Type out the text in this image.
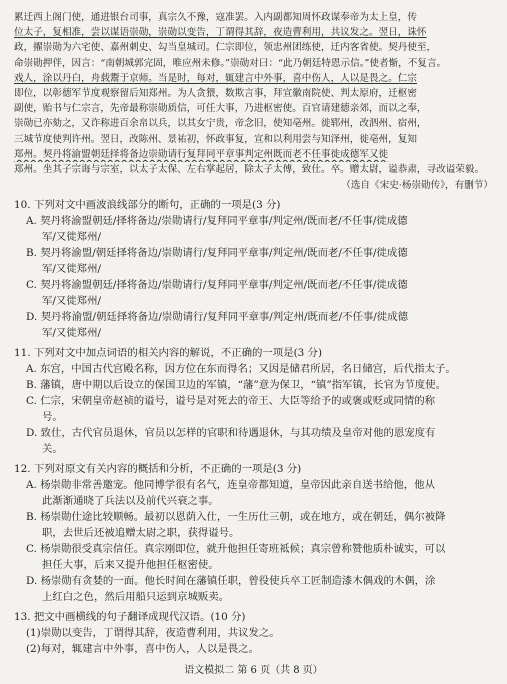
累迁西上阁门使，通进银台司事，真宗久不豫，寇准罢。入内副都知周怀政谋奉帝为太上皇，传

位太子，复相准，尝以谋语崇勋，崇勋以变告，丁谓得其辞，夜造曹利用，共议发之。翌日，诛怀

政，擢崇勋为六宅使、嘉州刺史、勾当皇城司。仁宗即位，领忠州团练使，迁内客省使。契丹使至，

命崇勋押伴，因言：“南朝城郭完固，唯应州未修。”崇勋对曰：“此乃朝廷特恩示信。”使者惭，不复言。

戏人，涂以丹白，舟载鬻于京师。当是时，每对，辄建言中外事，喜中伤人，人以是畏之。仁宗

即位，以彰德军节度观察留后知郑州。为人贪猥，数欺言事，拜宣徽南院使、判太原府，迁枢密

副使，贻书与仁宗言，先帝最称崇勋质信，可任大事，乃进枢密使。百官请建德亲郊，而以之奉，

崇勋已亦劾之，又诈称进百余帛以兵，以其女宁贵，帝念旧，使知亳州。徙郓州，改泗州、宿州，

三城节度使判许州。翌日，改陈州、景祐初，怀政事复，宣和以利用尝与知泽州，徙亳州，复知

郑州。契丹将渝盟朝廷择将备边崇勋请行复拜同平章事判定州既而老不任事徙成德军又徙

郑州。坐其子宗诲与宗室，以太子太保、左右掌起居，除太子太傅，致仕。卒。赠太尉，谥恭肃，寻改谥荣毅。

（选自《宋史·杨崇勋传》，有删节）

10. 下列对文中画波浪线部分的断句，正确的一项是(3 分)

A. 契丹将渝盟朝廷/择将备边/崇勋请行/复拜同平章事/判定州/既而老/不任事/徙成德
军/又徙郑州/
B. 契丹将渝盟/朝廷择将备边/崇勋请行/复拜同平章事/判定州/既而老/不任事/徙成德
军/又徙郑州/
C. 契丹将渝盟朝廷/择将备边/崇勋请行/复拜同平章事/判定州/既而老/不任事/徙成德
军/又徙郑州/
D. 契丹将渝盟/朝廷择将备边/崇勋请行/复拜同平章事/判定州/既而老/不任事/徙成德
军/又徙郑州/

11. 下列对文中加点词语的相关内容的解说，不正确的一项是(3 分)

A. 东宫，中国古代宫殿名称，因方位在东而得名；又因是储君所居，名日储宫，后代指太子。
B. 藩镇，唐中期以后设立的保国卫边的军镇，“藩”意为保卫，“镇”指军镇，长官为节度使。
C. 仁宗，宋朝皇帝赵祯的谥号，谥号是对死去的帝王、大臣等给予的或褒或贬或同情的称
号。
D. 致仕，古代官员退休，官员以怎样的官职和待遇退休，与其功绩及皇帝对他的恩宠度有
关。

12. 下列对原文有关内容的概括和分析，不正确的一项是(3 分)

A. 杨崇勋非常善邀宠。他同博学很有名气，连皇帝都知道，皇帝因此亲自送书给他，他从
此渐渐通晓了兵法以及前代兴衰之事。
B. 杨崇勋仕途比较顺畅。最初以恩荫入仕，一生历仕三朝，或在地方，或在朝廷，偶尔被降
职，去世后还被追赠太尉之职，获得谥号。
C. 杨崇勋很受真宗信任。真宗刚即位，就升他担任寄班祗候；真宗曾称赞他质朴诚实，可以
担任大事，后来又提升他担任枢密使。
D. 杨崇勋有贪婪的一面。他长时间在藩镇任职，曾役使兵卒工匠制造漆木偶戏的木偶，涂
上红白之色，然后用船只运到京城贩卖。

13. 把文中画横线的句子翻译成现代汉语。(10 分)

(1)崇勋以变告，丁谓得其辞，夜造曹利用，共议发之。

(2)每对，辄建言中外事，喜中伤人，人以是畏之。

语文模拟二 第 6 页（共 8 页）
